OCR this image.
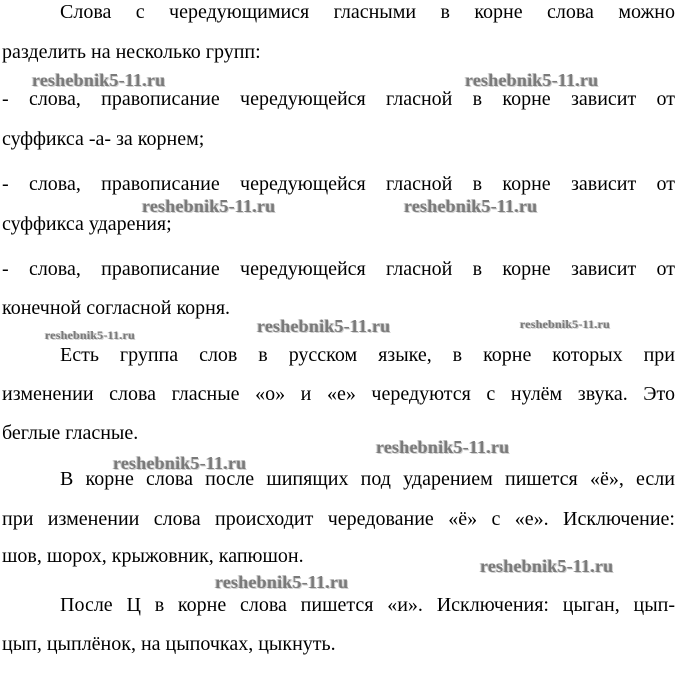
Слова с чередующимися гласными в корне слова можно
разделить на несколько групп:
- слова, правописание чередующейся гласной в корне зависит от
суффикса -а- за корнем;
- слова, правописание чередующейся гласной в корне зависит от
суффикса ударения;
- слова, правописание чередующейся гласной в корне зависит от
конечной согласной корня.
Есть группа слов в русском языке, в корне которых при
изменении слова гласные «о» и «е» чередуются с нулём звука. Это
беглые гласные.
В корне слова после шипящих под ударением пишется «ё», если
при изменении слова происходит чередование «ё» с «е». Исключение:
шов, шорох, крыжовник, капюшон.
После Ц в корне слова пишется «и». Исключения: цыган, цып-
цып, цыплёнок, на цыпочках, цыкнуть.
reshebnik5-11.ru	reshebnik5-11.ru
reshebnik5-11.ru	reshebnik5-11.ru
reshebnik5-11.ru	reshebnik5-11.ru	reshebnik5-11.ru
reshebnik5-11.ru
reshebnik5-11.ru
reshebnik5-11.ru
reshebnik5-11.ru
